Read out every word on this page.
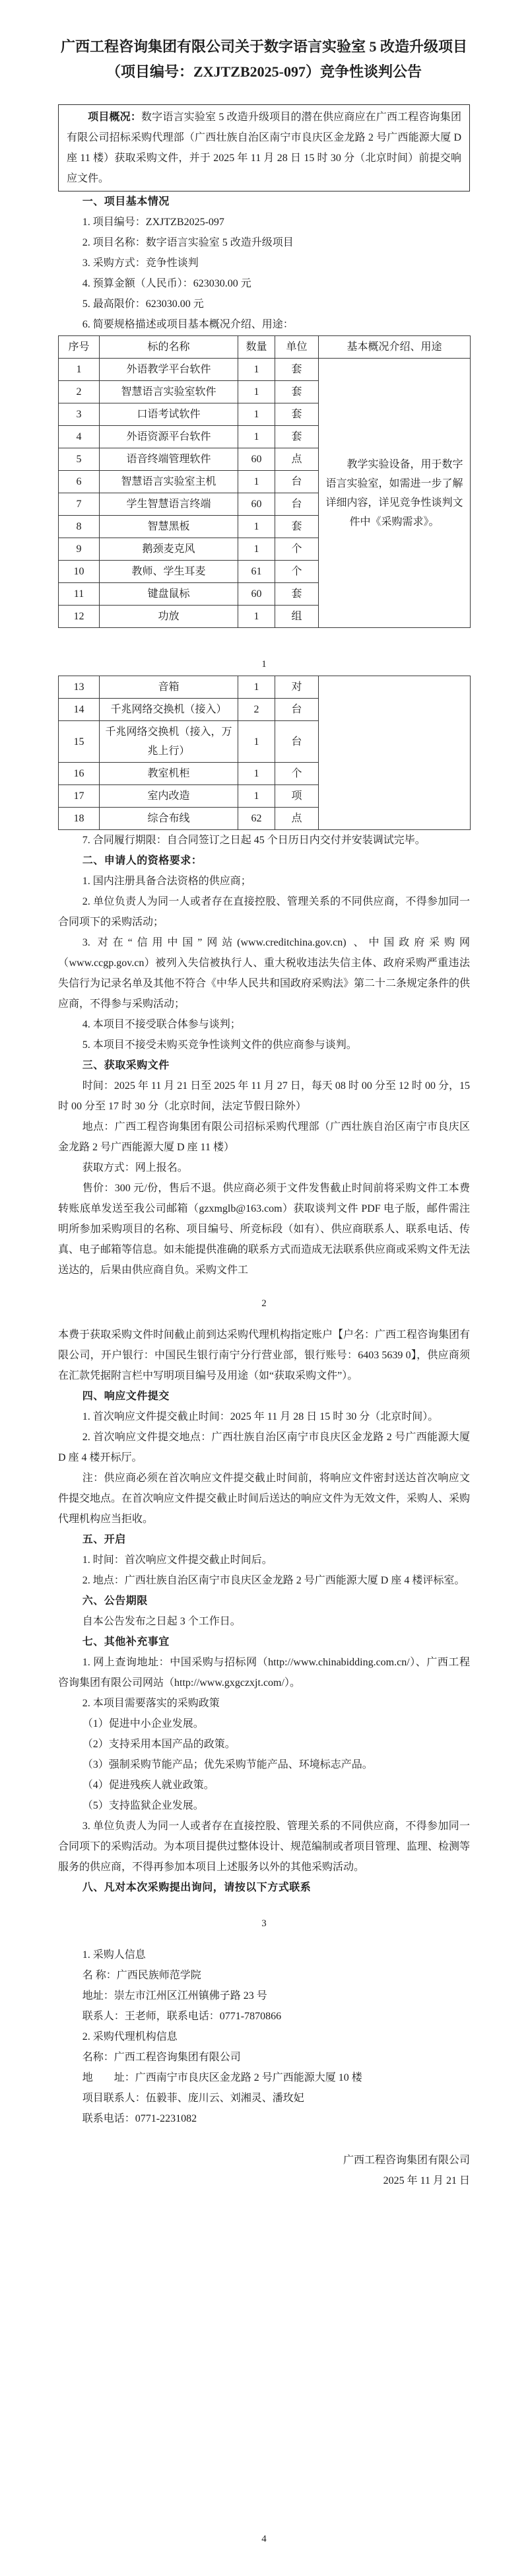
广西工程咨询集团有限公司关于数字语言实验室 5 改造升级项目
（项目编号：ZXJTZB2025-097）竞争性谈判公告
项目概况：数字语言实验室 5 改造升级项目的潜在供应商应在广西工程咨询集团有限公司招标采购代理部（广西壮族自治区南宁市良庆区金龙路 2 号广西能源大厦 D 座 11 楼）获取采购文件，并于 2025 年 11 月 28 日 15 时 30 分（北京时间）前提交响应文件。

一、项目基本情况

1. 项目编号：ZXJTZB2025-097

2. 项目名称：数字语言实验室 5 改造升级项目

3. 采购方式：竞争性谈判

4. 预算金额（人民币）：623030.00 元

5. 最高限价：623030.00 元

6. 简要规格描述或项目基本概况介绍、用途：

序号	标的名称	数量	单位	基本概况介绍、用途
1	外语教学平台软件	1	套	教学实验设备，用于数字语言实验室，如需进一步了解详细内容，详见竞争性谈判文件中《采购需求》。
2	智慧语言实验室软件	1	套	
3	口语考试软件	1	套	
4	外语资源平台软件	1	套	
5	语音终端管理软件	60	点	
6	智慧语言实验室主机	1	台	
7	学生智慧语言终端	60	台	
8	智慧黑板	1	套	
9	鹅颈麦克风	1	个	
10	教师、学生耳麦	61	个	
11	键盘鼠标	60	套	
12	功放	1	组	

1

13	音箱	1	对	
14	千兆网络交换机（接入）	2	台	
15	千兆网络交换机（接入，万兆上行）	1	台	
16	教室机柜	1	个	
17	室内改造	1	项	
18	综合布线	62	点	

7. 合同履行期限：自合同签订之日起 45 个日历日内交付并安装调试完毕。

二、申请人的资格要求：

1. 国内注册具备合法资格的供应商；

2. 单位负责人为同一人或者存在直接控股、管理关系的不同供应商，不得参加同一合同项下的采购活动；

3. 对在“信用中国”网站(www.creditchina.gov.cn) 、中国政府采购网（www.ccgp.gov.cn）被列入失信被执行人、重大税收违法失信主体、政府采购严重违法失信行为记录名单及其他不符合《中华人民共和国政府采购法》第二十二条规定条件的供应商，不得参与采购活动；

4. 本项目不接受联合体参与谈判；

5. 本项目不接受未购买竞争性谈判文件的供应商参与谈判。

三、获取采购文件

时间：2025 年 11 月 21 日至 2025 年 11 月 27 日，每天 08 时 00 分至 12 时 00 分，15 时 00 分至 17 时 30 分（北京时间，法定节假日除外）

地点：广西工程咨询集团有限公司招标采购代理部（广西壮族自治区南宁市良庆区金龙路 2 号广西能源大厦 D 座 11 楼）

获取方式：网上报名。

售价：300 元/份，售后不退。供应商必须于文件发售截止时间前将采购文件工本费转账底单发送至我公司邮箱（gzxmglb@163.com）获取谈判文件 PDF 电子版，邮件需注明所参加采购项目的名称、项目编号、所竞标段（如有）、供应商联系人、联系电话、传真、电子邮箱等信息。如未能提供准确的联系方式而造成无法联系供应商或采购文件无法送达的，后果由供应商自负。采购文件工

2

本费于获取采购文件时间截止前到达采购代理机构指定账户【户名：广西工程咨询集团有限公司，开户银行：中国民生银行南宁分行营业部，银行账号：6403 5639 0】，供应商须在汇款凭据附言栏中写明项目编号及用途（如“获取采购文件”）。

四、响应文件提交

1. 首次响应文件提交截止时间：2025 年 11 月 28 日 15 时 30 分（北京时间）。

2. 首次响应文件提交地点：广西壮族自治区南宁市良庆区金龙路 2 号广西能源大厦 D 座 4 楼开标厅。

注：供应商必须在首次响应文件提交截止时间前，将响应文件密封送达首次响应文件提交地点。在首次响应文件提交截止时间后送达的响应文件为无效文件，采购人、采购代理机构应当拒收。

五、开启

1. 时间：首次响应文件提交截止时间后。

2. 地点：广西壮族自治区南宁市良庆区金龙路 2 号广西能源大厦 D 座 4 楼评标室。

六、公告期限

自本公告发布之日起 3 个工作日。

七、其他补充事宜

1. 网上查询地址：中国采购与招标网（http://www.chinabidding.com.cn/）、广西工程咨询集团有限公司网站（http://www.gxgczxjt.com/）。

2. 本项目需要落实的采购政策

（1）促进中小企业发展。

（2）支持采用本国产品的政策。

（3）强制采购节能产品；优先采购节能产品、环境标志产品。

（4）促进残疾人就业政策。

（5）支持监狱企业发展。

3. 单位负责人为同一人或者存在直接控股、管理关系的不同供应商，不得参加同一合同项下的采购活动。为本项目提供过整体设计、规范编制或者项目管理、监理、检测等服务的供应商，不得再参加本项目上述服务以外的其他采购活动。

八、凡对本次采购提出询问，请按以下方式联系

3

1. 采购人信息

名 称：广西民族师范学院

地址：崇左市江州区江州镇佛子路 23 号

联系人：王老师，联系电话：0771-7870866

2. 采购代理机构信息

名称：广西工程咨询集团有限公司

地　　址：广西南宁市良庆区金龙路 2 号广西能源大厦 10 楼

项目联系人：伍毅菲、庞川云、刘湘灵、潘玫妃

联系电话：0771-2231082

广西工程咨询集团有限公司

2025 年 11 月 21 日

4
